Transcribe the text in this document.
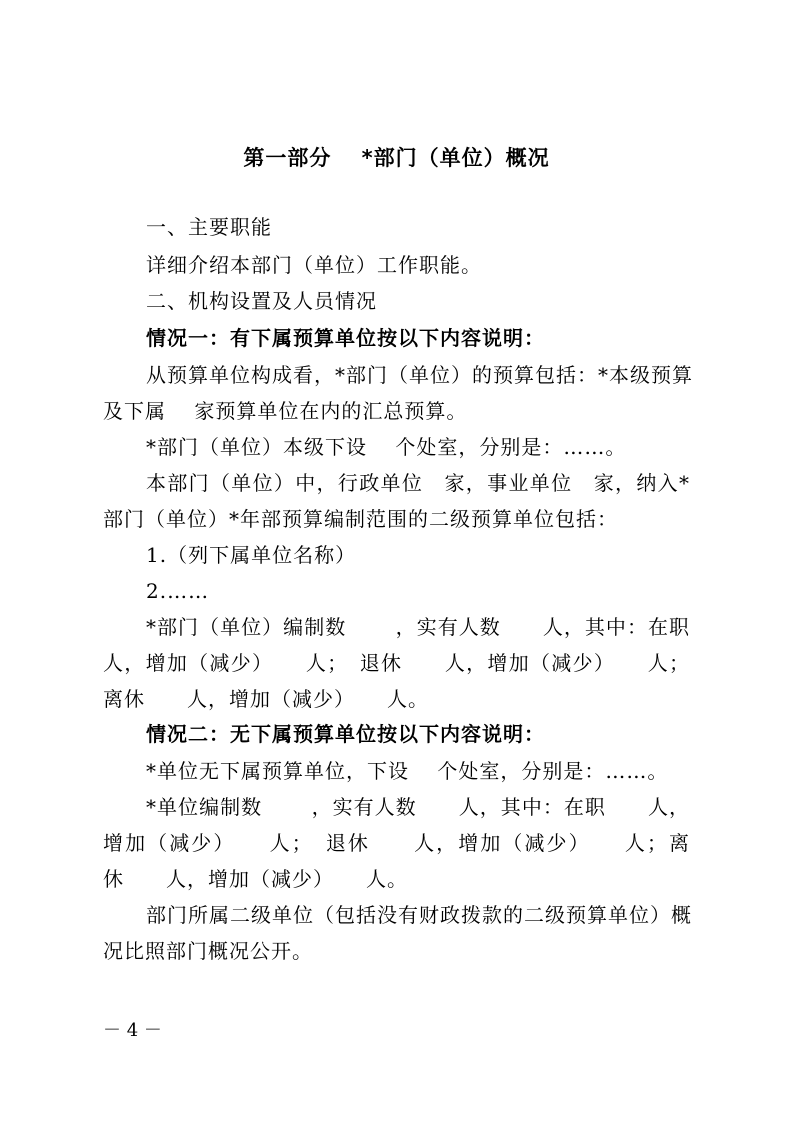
第一部分　 *部门（单位）概况
一、主要职能
详细介绍本部门（单位）工作职能。
二、机构设置及人员情况
情况一：有下属预算单位按以下内容说明：
从预算单位构成看，*部门（单位）的预算包括：*本级预算
及下属　 家预算单位在内的汇总预算。
*部门（单位）本级下设　 个处室，分别是：……。
本部门（单位）中，行政单位　家，事业单位　家，纳入*
部门（单位）*年部预算编制范围的二级预算单位包括：
1.（列下属单位名称）
2.……
*部门（单位）编制数　　 ，实有人数　　人，其中：在职
人，增加（减少）　　人；　退休　　人，增加（减少）　　人；
离休　　人，增加（减少）　　人。
情况二：无下属预算单位按以下内容说明：
*单位无下属预算单位，下设　 个处室，分别是：……。
*单位编制数　　 ，实有人数　　人，其中：在职　　人，
增加（减少）　　人；　退休　　人，增加（减少）　　人；离
休　　人，增加（减少）　　人。
部门所属二级单位（包括没有财政拨款的二级预算单位）概
况比照部门概况公开。
－ 4 －
